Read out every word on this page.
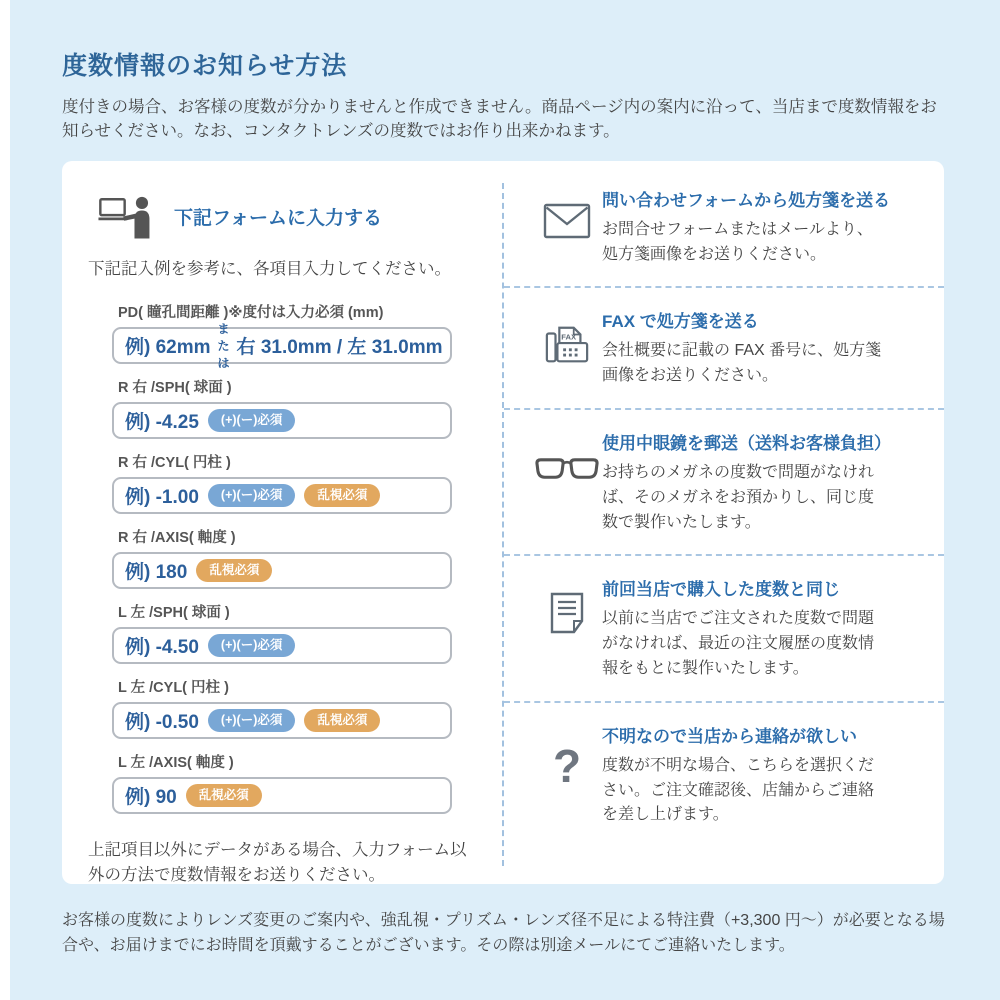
度数情報のお知らせ方法
度付きの場合、お客様の度数が分かりませんと作成できません。商品ページ内の案内に沿って、当店まで度数情報をお知らせください。なお、コンタクトレンズの度数ではお作り出来かねます。
下記フォームに入力する
下記記入例を参考に、各項目入力してください。
PD( 瞳孔間距離 )※度付は入力必須 (mm)
例) 62mm
または
右 31.0mm / 左 31.0mm
R 右 /SPH( 球面 )
例) -4.25	(+)(ー)必須
R 右 /CYL( 円柱 )
例) -1.00	(+)(ー)必須	乱視必須
R 右 /AXIS( 軸度 )
例) 180	乱視必須
L 左 /SPH( 球面 )
例) -4.50	(+)(ー)必須
L 左 /CYL( 円柱 )
例) -0.50	(+)(ー)必須	乱視必須
L 左 /AXIS( 軸度 )
例) 90	乱視必須
上記項目以外にデータがある場合、入力フォーム以外の方法で度数情報をお送りください。
問い合わせフォームから処方箋を送る
お問合せフォームまたはメールより、処方箋画像をお送りください。
FAX
FAX で処方箋を送る
会社概要に記載の FAX 番号に、処方箋画像をお送りください。
使用中眼鏡を郵送（送料お客様負担）
お持ちのメガネの度数で問題がなければ、そのメガネをお預かりし、同じ度数で製作いたします。
前回当店で購入した度数と同じ
以前に当店でご注文された度数で問題がなければ、最近の注文履歴の度数情報をもとに製作いたします。
?
不明なので当店から連絡が欲しい
度数が不明な場合、こちらを選択ください。ご注文確認後、店舗からご連絡を差し上げます。
お客様の度数によりレンズ変更のご案内や、強乱視・プリズム・レンズ径不足による特注費（+3,300 円～）が必要となる場合や、お届けまでにお時間を頂戴することがございます。その際は別途メールにてご連絡いたします。
